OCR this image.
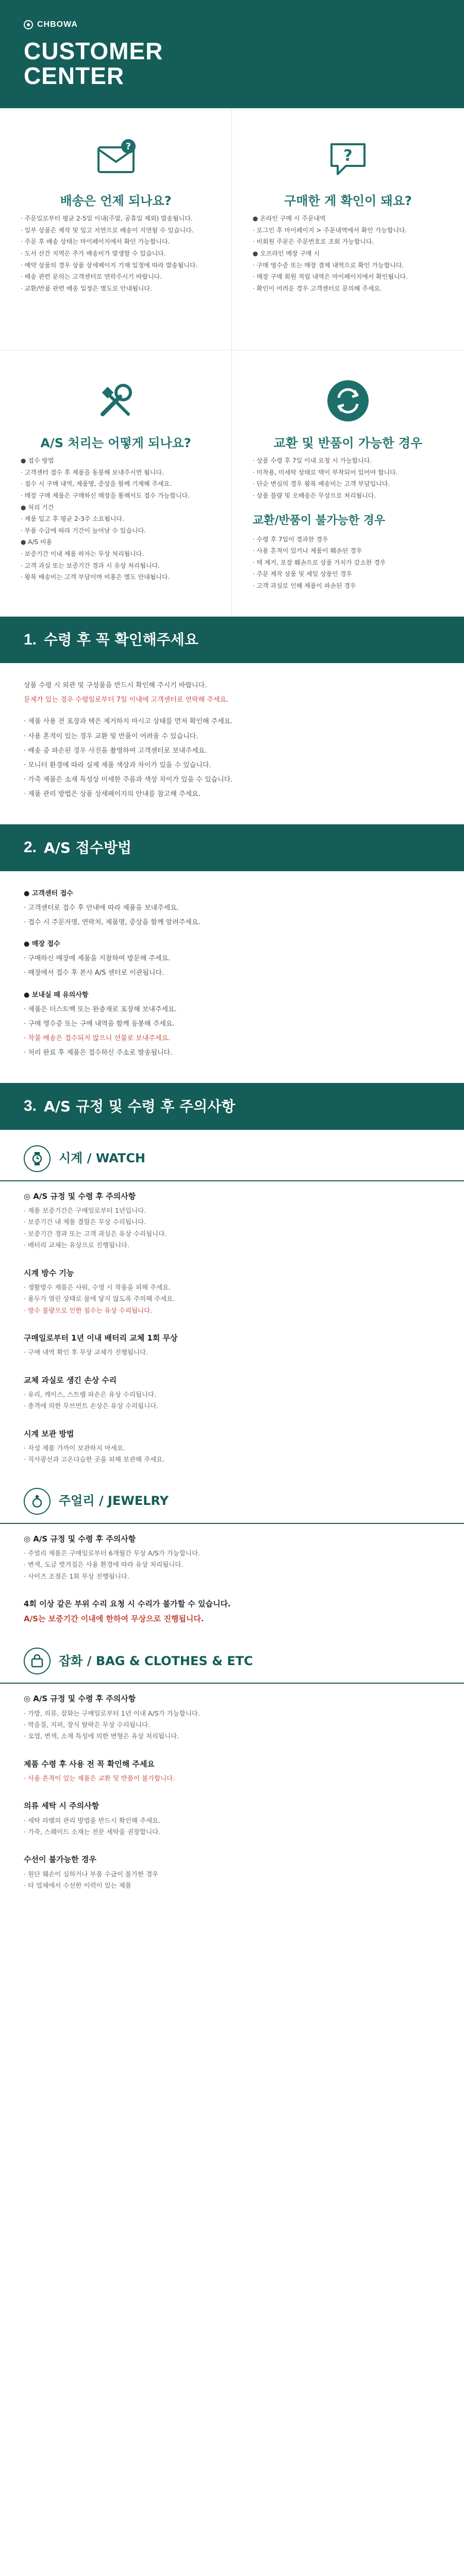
CHBOWA
CUSTOMER
CENTER
?
배송은 언제 되나요?
· 주문일로부터 평균 2-5일 이내(주말, 공휴일 제외) 발송됩니다.
· 일부 상품은 제작 및 입고 지연으로 배송이 지연될 수 있습니다.
· 주문 후 배송 상태는 마이페이지에서 확인 가능합니다.
· 도서 산간 지역은 추가 배송비가 발생할 수 있습니다.
· 예약 상품의 경우 상품 상세페이지 기재 일정에 따라 발송됩니다.
· 배송 관련 문의는 고객센터로 연락주시기 바랍니다.
· 교환/반품 관련 배송 일정은 별도로 안내됩니다.
?
구매한 게 확인이 돼요?
● 온라인 구매 시 주문내역
· 로그인 후 마이페이지 > 주문내역에서 확인 가능합니다.
· 비회원 주문은 주문번호로 조회 가능합니다.
● 오프라인 매장 구매 시
· 구매 영수증 또는 매장 결제 내역으로 확인 가능합니다.
· 매장 구매 회원 적립 내역은 마이페이지에서 확인됩니다.
· 확인이 어려운 경우 고객센터로 문의해 주세요.
A/S 처리는 어떻게 되나요?
● 접수 방법
· 고객센터 접수 후 제품을 동봉해 보내주시면 됩니다.
· 접수 시 구매 내역, 제품명, 증상을 함께 기재해 주세요.
· 매장 구매 제품은 구매하신 매장을 통해서도 접수 가능합니다.
● 처리 기간
· 제품 입고 후 평균 2-3주 소요됩니다.
· 부품 수급에 따라 기간이 늘어날 수 있습니다.
● A/S 비용
· 보증기간 이내 제품 하자는 무상 처리됩니다.
· 고객 과실 또는 보증기간 경과 시 유상 처리됩니다.
· 왕복 배송비는 고객 부담이며 비용은 별도 안내됩니다.
교환 및 반품이 가능한 경우
· 상품 수령 후 7일 이내 요청 시 가능합니다.
· 미착용, 미세탁 상태로 택이 부착되어 있어야 합니다.
· 단순 변심의 경우 왕복 배송비는 고객 부담입니다.
· 상품 불량 및 오배송은 무상으로 처리됩니다.
교환/반품이 불가능한 경우
· 수령 후 7일이 경과한 경우
· 사용 흔적이 있거나 제품이 훼손된 경우
· 택 제거, 포장 훼손으로 상품 가치가 감소한 경우
· 주문 제작 상품 및 세일 상품인 경우
· 고객 과실로 인해 제품이 파손된 경우
1. 수령 후 꼭 확인해주세요

상품 수령 시 외관 및 구성품을 반드시 확인해 주시기 바랍니다.

문제가 있는 경우 수령일로부터 7일 이내에 고객센터로 연락해 주세요.

· 제품 사용 전 포장과 택은 제거하지 마시고 상태를 먼저 확인해 주세요.

· 사용 흔적이 있는 경우 교환 및 반품이 어려울 수 있습니다.

· 배송 중 파손된 경우 사진을 촬영하여 고객센터로 보내주세요.

· 모니터 환경에 따라 실제 제품 색상과 차이가 있을 수 있습니다.

· 가죽 제품은 소재 특성상 미세한 주름과 색상 차이가 있을 수 있습니다.

· 제품 관리 방법은 상품 상세페이지의 안내를 참고해 주세요.

2. A/S 접수방법

● 고객센터 접수

· 고객센터로 접수 후 안내에 따라 제품을 보내주세요.

· 접수 시 주문자명, 연락처, 제품명, 증상을 함께 알려주세요.

● 매장 접수

· 구매하신 매장에 제품을 지참하여 방문해 주세요.

· 매장에서 접수 후 본사 A/S 센터로 이관됩니다.

● 보내실 때 유의사항

· 제품은 더스트백 또는 완충재로 포장해 보내주세요.

· 구매 영수증 또는 구매 내역을 함께 동봉해 주세요.

· 착불 배송은 접수되지 않으니 선불로 보내주세요.

· 처리 완료 후 제품은 접수하신 주소로 발송됩니다.

3. A/S 규정 및 수령 후 주의사항
시계 / WATCH
◎ A/S 규정 및 수령 후 주의사항

· 제품 보증기간은 구매일로부터 1년입니다.

· 보증기간 내 제품 결함은 무상 수리됩니다.

· 보증기간 경과 또는 고객 과실은 유상 수리됩니다.

· 배터리 교체는 유상으로 진행됩니다.

시계 방수 기능

· 생활방수 제품은 샤워, 수영 시 착용을 피해 주세요.

· 용두가 열린 상태로 물에 닿지 않도록 주의해 주세요.

· 방수 불량으로 인한 침수는 유상 수리됩니다.

구매일로부터 1년 이내 배터리 교체 1회 무상

· 구매 내역 확인 후 무상 교체가 진행됩니다.

교체 과실로 생긴 손상 수리

· 유리, 케이스, 스트랩 파손은 유상 수리됩니다.

· 충격에 의한 무브먼트 손상은 유상 수리됩니다.

시계 보관 방법

· 자성 제품 가까이 보관하지 마세요.

· 직사광선과 고온다습한 곳을 피해 보관해 주세요.

주얼리 / JEWELRY
◎ A/S 규정 및 수령 후 주의사항

· 주얼리 제품은 구매일로부터 6개월간 무상 A/S가 가능합니다.

· 변색, 도금 벗겨짐은 사용 환경에 따라 유상 처리됩니다.

· 사이즈 조절은 1회 무상 진행됩니다.

4회 이상 같은 부위 수리 요청 시 수리가 불가할 수 있습니다.

A/S는 보증기간 이내에 한하여 무상으로 진행됩니다.

잡화 / BAG & CLOTHES & ETC
◎ A/S 규정 및 수령 후 주의사항

· 가방, 의류, 잡화는 구매일로부터 1년 이내 A/S가 가능합니다.

· 박음질, 지퍼, 장식 탈락은 무상 수리됩니다.

· 오염, 변색, 소재 특성에 의한 변형은 유상 처리됩니다.

제품 수령 후 사용 전 꼭 확인해 주세요

· 사용 흔적이 있는 제품은 교환 및 반품이 불가합니다.

의류 세탁 시 주의사항

· 세탁 라벨의 관리 방법을 반드시 확인해 주세요.

· 가죽, 스웨이드 소재는 전문 세탁을 권장합니다.

수선이 불가능한 경우

· 원단 훼손이 심하거나 부품 수급이 불가한 경우

· 타 업체에서 수선한 이력이 있는 제품
